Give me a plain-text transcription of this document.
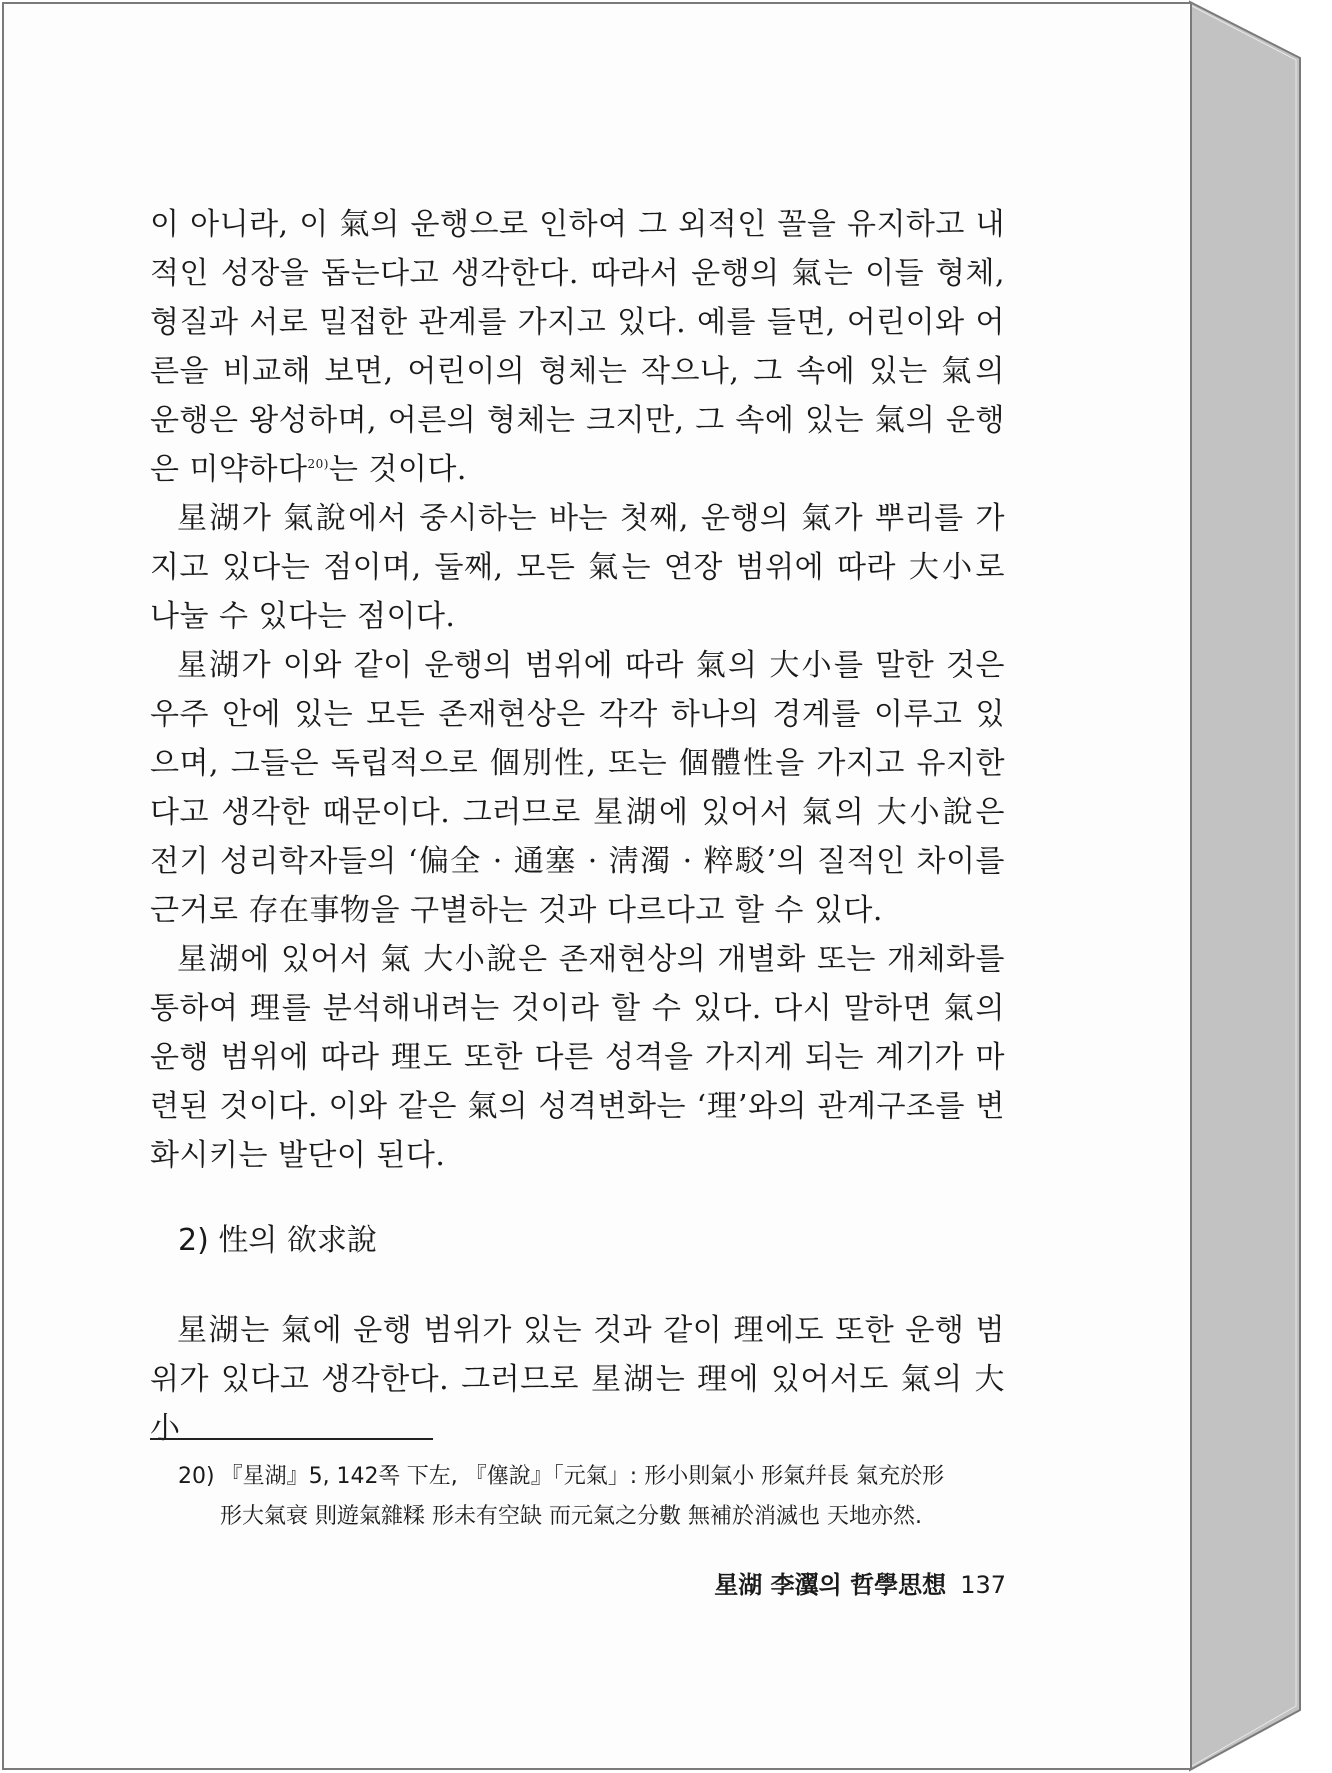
이 아니라, 이 氣의 운행으로 인하여 그 외적인 꼴을 유지하고 내적인 성장을 돕는다고 생각한다. 따라서 운행의 氣는 이들 형체, 형질과 서로 밀접한 관계를 가지고 있다. 예를 들면, 어린이와 어른을 비교해 보면, 어린이의 형체는 작으나, 그 속에 있는 氣의 운행은 왕성하며, 어른의 형체는 크지만, 그 속에 있는 氣의 운행은 미약하다$^{20)}$는 것이다.

星湖가 氣說에서 중시하는 바는 첫째, 운행의 氣가 뿌리를 가지고 있다는 점이며, 둘째, 모든 氣는 연장 범위에 따라 大小로 나눌 수 있다는 점이다.

星湖가 이와 같이 운행의 범위에 따라 氣의 大小를 말한 것은 우주 안에 있는 모든 존재현상은 각각 하나의 경계를 이루고 있으며, 그들은 독립적으로 個別性, 또는 個體性을 가지고 유지한다고 생각한 때문이다. 그러므로 星湖에 있어서 氣의 大小說은 전기 성리학자들의 ‘偏全 · 通塞 · 淸濁 · 粹駁’의 질적인 차이를 근거로 存在事物을 구별하는 것과 다르다고 할 수 있다.

星湖에 있어서 氣 大小說은 존재현상의 개별화 또는 개체화를 통하여 理를 분석해내려는 것이라 할 수 있다. 다시 말하면 氣의 운행 범위에 따라 理도 또한 다른 성격을 가지게 되는 계기가 마련된 것이다. 이와 같은 氣의 성격변화는 ‘理’와의 관계구조를 변화시키는 발단이 된다.

2) 性의 欲求說

星湖는 氣에 운행 범위가 있는 것과 같이 理에도 또한 운행 범위가 있다고 생각한다. 그러므로 星湖는 理에 있어서도 氣의 大小

20) 『星湖』5, 142쪽 下左, 『僿說』「元氣」: 形小則氣小 形氣幷長 氣充於形
形大氣衰 則遊氣雜糅 形未有空缺 而元氣之分數 無補於消滅也 天地亦然.

星湖 李瀷의 哲學思想 137
